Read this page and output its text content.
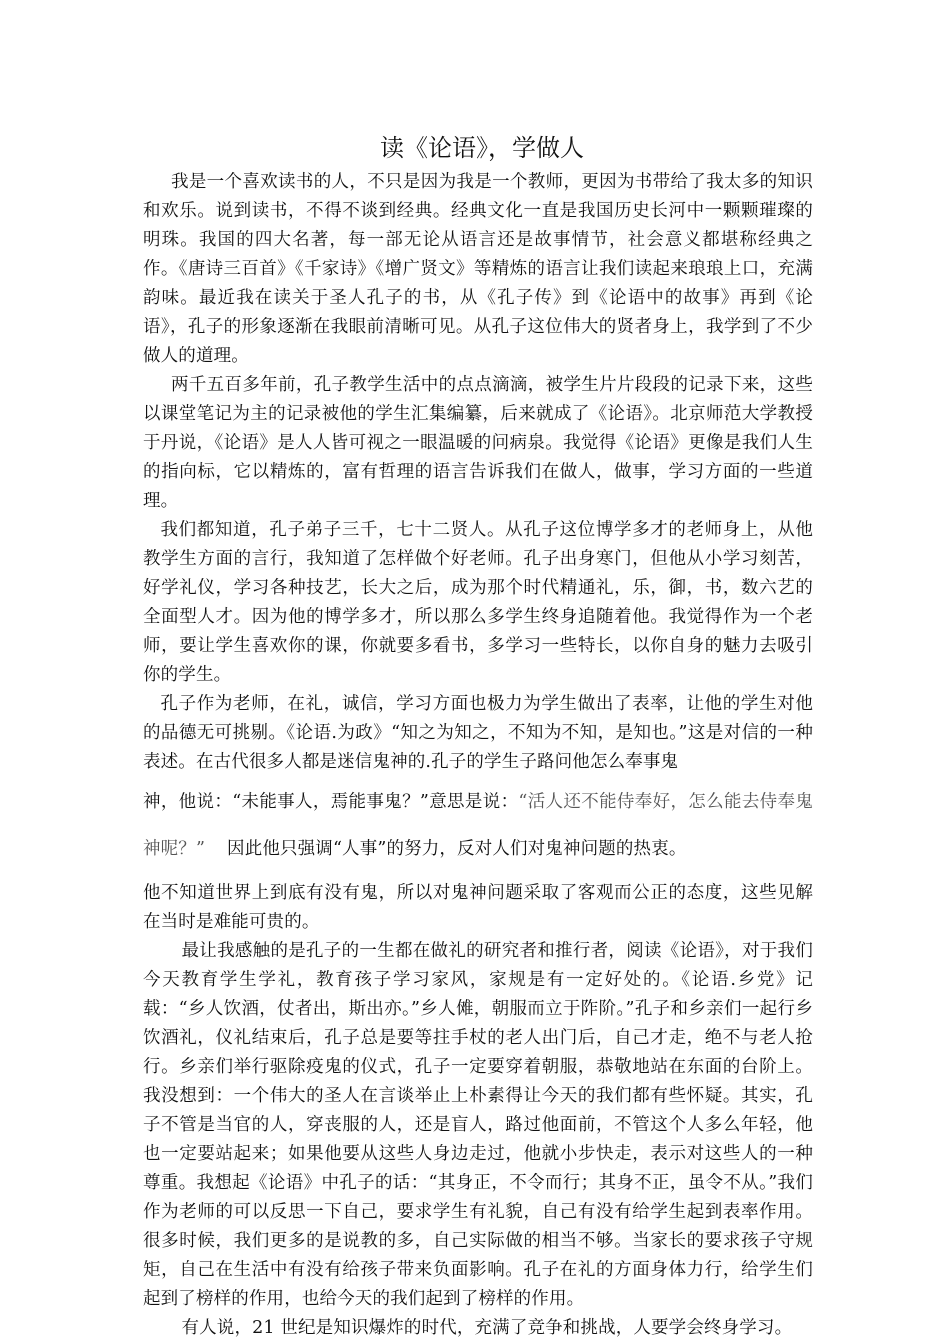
读《论语》，学做人

我是一个喜欢读书的人，不只是因为我是一个教师，更因为书带给了我太多的知识和欢乐。说到读书，不得不谈到经典。经典文化一直是我国历史长河中一颗颗璀璨的明珠。我国的四大名著，每一部无论从语言还是故事情节，社会意义都堪称经典之作。《唐诗三百首》《千家诗》《增广贤文》等精炼的语言让我们读起来琅琅上口，充满韵味。最近我在读关于圣人孔子的书，从《孔子传》到《论语中的故事》再到《论语》，孔子的形象逐渐在我眼前清晰可见。从孔子这位伟大的贤者身上，我学到了不少做人的道理。

两千五百多年前，孔子教学生活中的点点滴滴，被学生片片段段的记录下来，这些以课堂笔记为主的记录被他的学生汇集编纂，后来就成了《论语》。北京师范大学教授于丹说，《论语》是人人皆可视之一眼温暖的问病泉。我觉得《论语》更像是我们人生的指向标，它以精炼的，富有哲理的语言告诉我们在做人，做事，学习方面的一些道理。

我们都知道，孔子弟子三千，七十二贤人。从孔子这位博学多才的老师身上，从他教学生方面的言行，我知道了怎样做个好老师。孔子出身寒门，但他从小学习刻苦，好学礼仪，学习各种技艺，长大之后，成为那个时代精通礼，乐，御，书，数六艺的全面型人才。因为他的博学多才，所以那么多学生终身追随着他。我觉得作为一个老师，要让学生喜欢你的课，你就要多看书，多学习一些特长，以你自身的魅力去吸引你的学生。

孔子作为老师，在礼，诚信，学习方面也极力为学生做出了表率，让他的学生对他的品德无可挑剔。《论语.为政》“知之为知之，不知为不知，是知也。”这是对信的一种表述。在古代很多人都是迷信鬼神的.孔子的学生子路问他怎么奉事鬼

神，他说：“未能事人，焉能事鬼？”意思是说：“活人还不能侍奉好，怎么能去侍奉鬼神呢？” 因此他只强调“人事”的努力，反对人们对鬼神问题的热衷。

他不知道世界上到底有没有鬼，所以对鬼神问题采取了客观而公正的态度，这些见解在当时是难能可贵的。

最让我感触的是孔子的一生都在做礼的研究者和推行者，阅读《论语》，对于我们今天教育学生学礼，教育孩子学习家风，家规是有一定好处的。《论语.乡党》记载：“乡人饮酒，仗者出，斯出亦。”乡人傩，朝服而立于阼阶。”孔子和乡亲们一起行乡饮酒礼，仪礼结束后，孔子总是要等拄手杖的老人出门后，自己才走，绝不与老人抢行。乡亲们举行驱除疫鬼的仪式，孔子一定要穿着朝服，恭敬地站在东面的台阶上。我没想到：一个伟大的圣人在言谈举止上朴素得让今天的我们都有些怀疑。其实，孔子不管是当官的人，穿丧服的人，还是盲人，路过他面前，不管这个人多么年轻，他也一定要站起来；如果他要从这些人身边走过，他就小步快走，表示对这些人的一种尊重。我想起《论语》中孔子的话：“其身正，不令而行；其身不正，虽令不从。”我们作为老师的可以反思一下自己，要求学生有礼貌，自己有没有给学生起到表率作用。很多时候，我们更多的是说教的多，自己实际做的相当不够。当家长的要求孩子守规矩，自己在生活中有没有给孩子带来负面影响。孔子在礼的方面身体力行，给学生们起到了榜样的作用，也给今天的我们起到了榜样的作用。

有人说，21 世纪是知识爆炸的时代，充满了竞争和挑战，人要学会终身学习。
